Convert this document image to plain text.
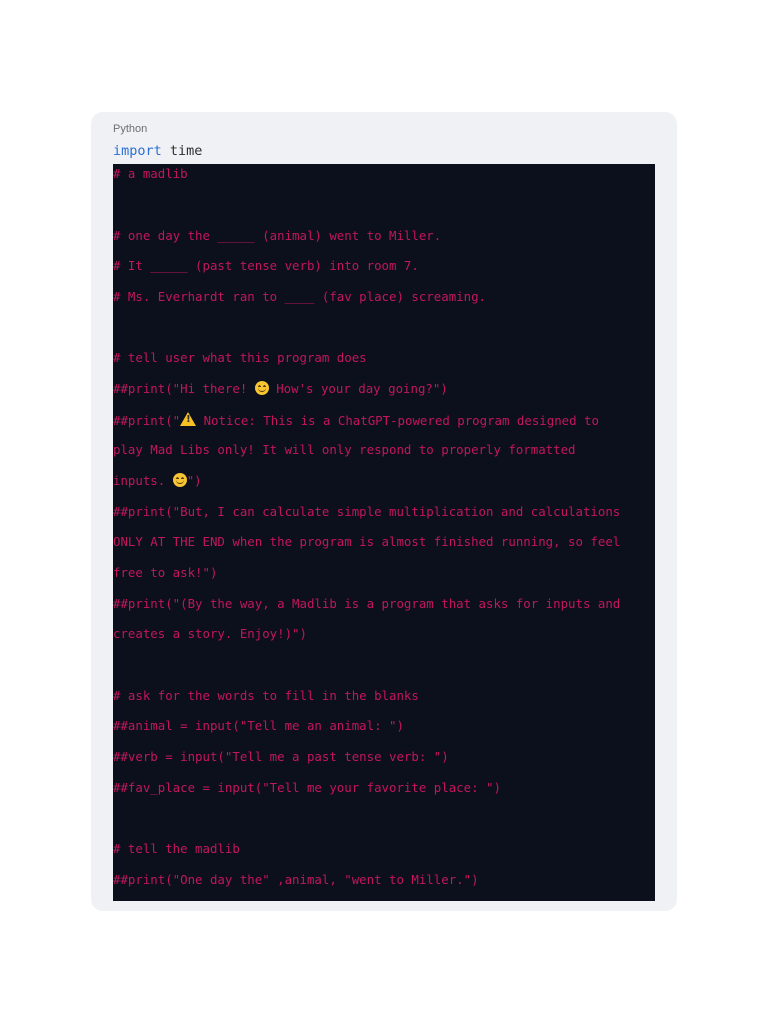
Python
import time
# a madlib
# one day the _____ (animal) went to Miller.
# It _____ (past tense verb) into room 7.
# Ms. Everhardt ran to ____ (fav place) screaming.
# tell user what this program does
##print("Hi there!  How's your day going?")
##print(" ! Notice: This is a ChatGPT-powered program designed to
play Mad Libs only! It will only respond to properly formatted
inputs. ")
##print("But, I can calculate simple multiplication and calculations
ONLY AT THE END when the program is almost finished running, so feel
free to ask!")
##print("(By the way, a Madlib is a program that asks for inputs and
creates a story. Enjoy!)")
# ask for the words to fill in the blanks
##animal = input("Tell me an animal: ")
##verb = input("Tell me a past tense verb: ")
##fav_place = input("Tell me your favorite place: ")
# tell the madlib
##print("One day the" ,animal, "went to Miller.")
